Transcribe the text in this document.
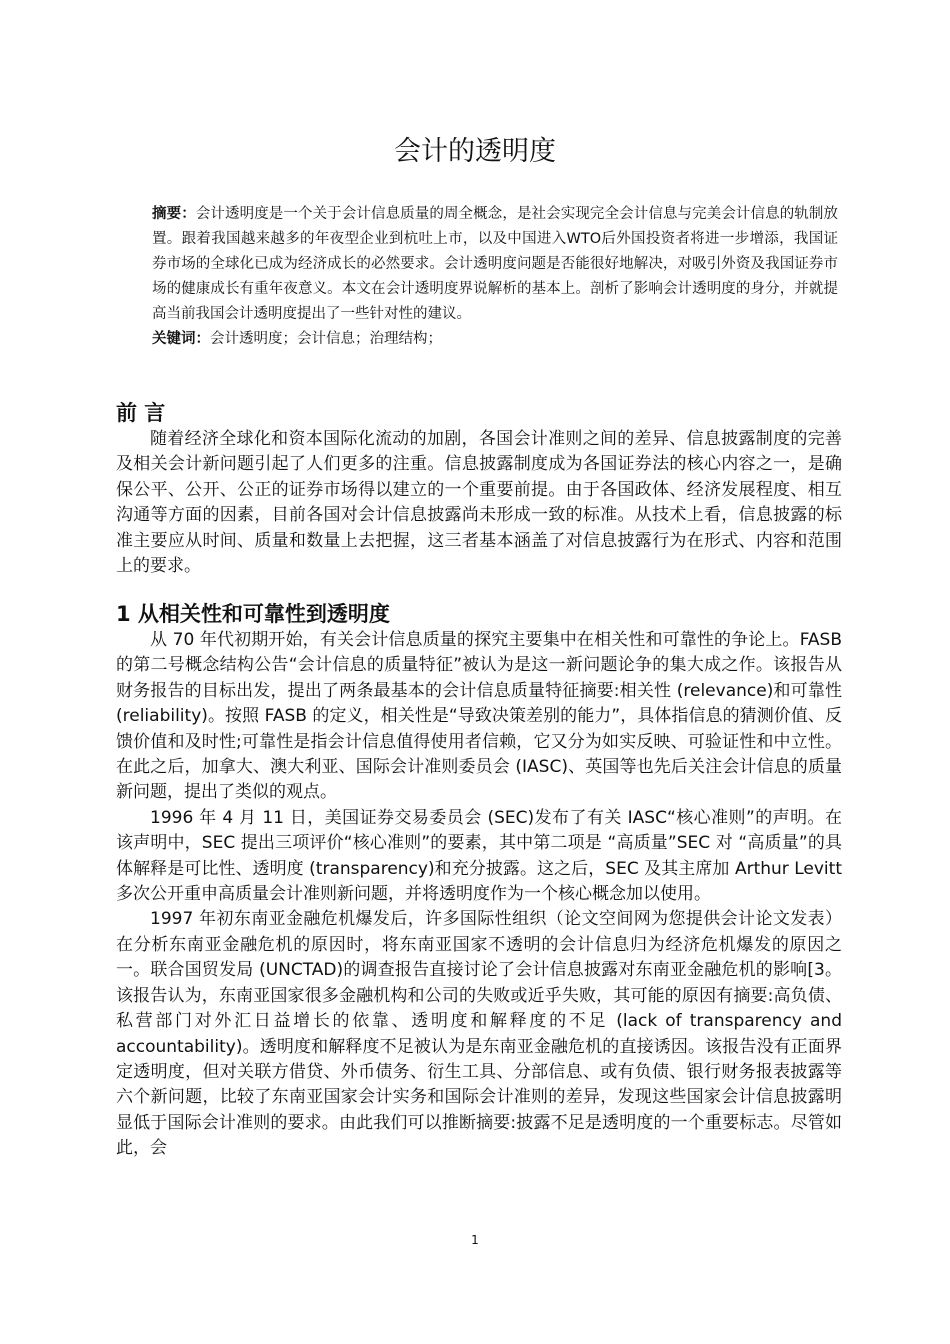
会计的透明度

摘要：会计透明度是一个关于会计信息质量的周全概念，是社会实现完全会计信息与完美会计信息的轨制放置。跟着我国越来越多的年夜型企业到杭吐上市，以及中国进入WTO后外国投资者将进一步增添，我国证券市场的全球化已成为经济成长的必然要求。会计透明度问题是否能很好地解决，对吸引外资及我国证券市场的健康成长有重年夜意义。本文在会计透明度界说解析的基本上。剖析了影响会计透明度的身分，并就提高当前我国会计透明度提出了一些针对性的建议。

关键词：会计透明度；会计信息；治理结构；

前 言

随着经济全球化和资本国际化流动的加剧，各国会计准则之间的差异、信息披露制度的完善及相关会计新问题引起了人们更多的注重。信息披露制度成为各国证券法的核心内容之一，是确保公平、公开、公正的证券市场得以建立的一个重要前提。由于各国政体、经济发展程度、相互沟通等方面的因素，目前各国对会计信息披露尚未形成一致的标准。从技术上看，信息披露的标准主要应从时间、质量和数量上去把握，这三者基本涵盖了对信息披露行为在形式、内容和范围上的要求。

1 从相关性和可靠性到透明度

从 70 年代初期开始，有关会计信息质量的探究主要集中在相关性和可靠性的争论上。FASB 的第二号概念结构公告“会计信息的质量特征”被认为是这一新问题论争的集大成之作。该报告从财务报告的目标出发，提出了两条最基本的会计信息质量特征摘要:相关性 (relevance)和可靠性 (reliability)。按照 FASB 的定义，相关性是“导致决策差别的能力”，具体指信息的猜测价值、反馈价值和及时性;可靠性是指会计信息值得使用者信赖，它又分为如实反映、可验证性和中立性。在此之后，加拿大、澳大利亚、国际会计准则委员会 (IASC)、英国等也先后关注会计信息的质量新问题，提出了类似的观点。

1996 年 4 月 11 日，美国证券交易委员会 (SEC)发布了有关 IASC“核心准则”的声明。在该声明中，SEC 提出三项评价“核心准则”的要素，其中第二项是 “高质量”SEC 对 “高质量”的具体解释是可比性、透明度 (transparency)和充分披露。这之后，SEC 及其主席加 Arthur Levitt 多次公开重申高质量会计准则新问题，并将透明度作为一个核心概念加以使用。

1997 年初东南亚金融危机爆发后，许多国际性组织（论文空间网为您提供会计论文发表）在分析东南亚金融危机的原因时，将东南亚国家不透明的会计信息归为经济危机爆发的原因之一。联合国贸发局 (UNCTAD)的调查报告直接讨论了会计信息披露对东南亚金融危机的影响[3。该报告认为，东南亚国家很多金融机构和公司的失败或近乎失败，其可能的原因有摘要:高负债、私营部门对外汇日益增长的依靠、透明度和解释度的不足 (lack of transparency and accountability)。透明度和解释度不足被认为是东南亚金融危机的直接诱因。该报告没有正面界定透明度，但对关联方借贷、外币债务、衍生工具、分部信息、或有负债、银行财务报表披露等六个新问题，比较了东南亚国家会计实务和国际会计准则的差异，发现这些国家会计信息披露明显低于国际会计准则的要求。由此我们可以推断摘要:披露不足是透明度的一个重要标志。尽管如此，会

1
